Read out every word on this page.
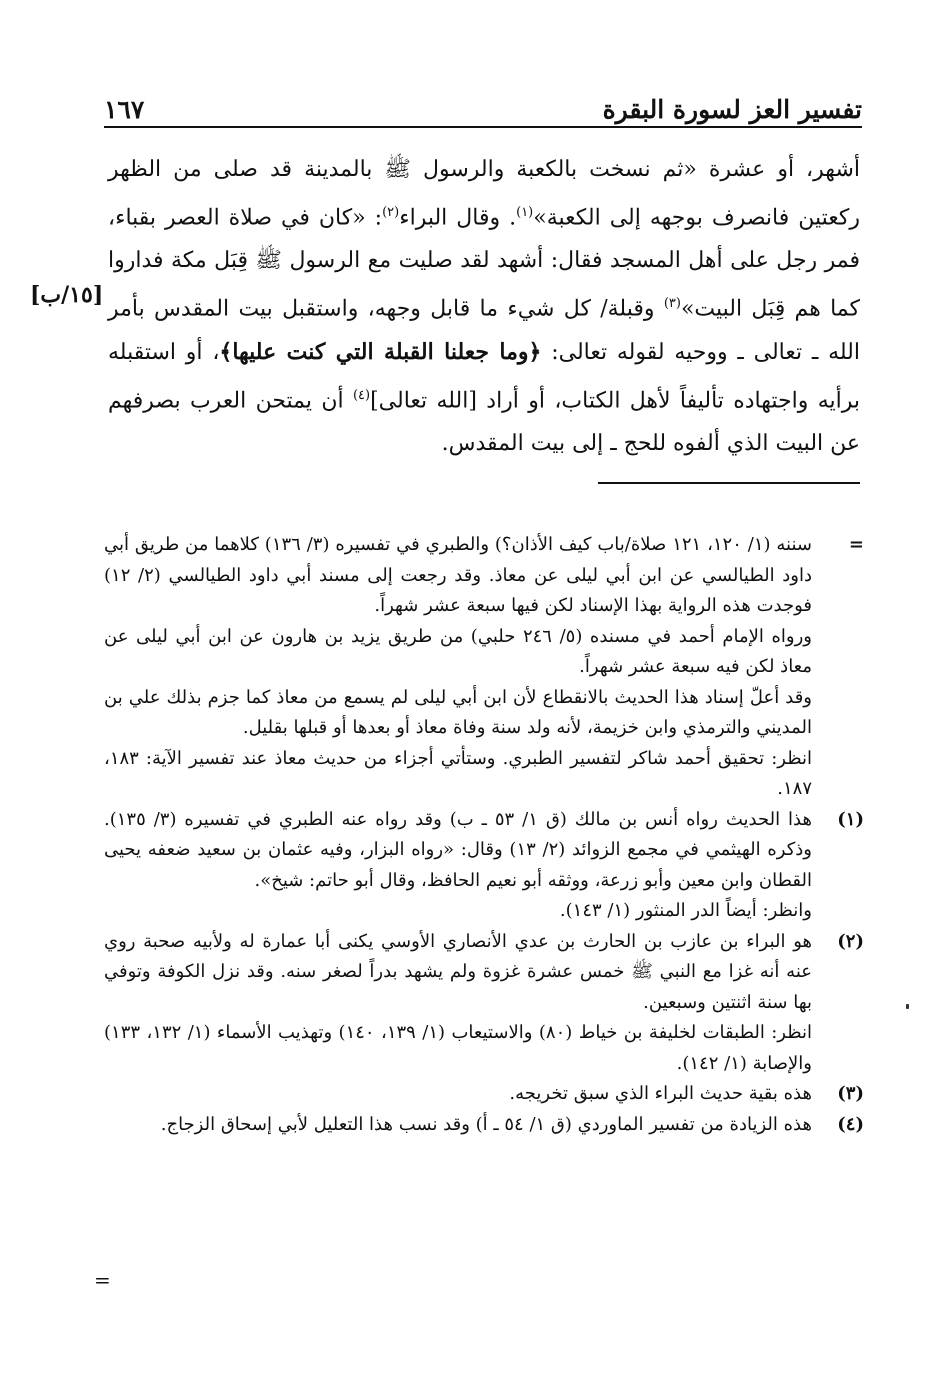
تفسير العز لسورة البقرة
١٦٧

أشهر، أو عشرة «ثم نسخت بالكعبة والرسول ﷺ بالمدينة قد صلى من الظهر ركعتين فانصرف بوجهه إلى الكعبة»$^{(١)}$. وقال البراء$^{(٢)}$: «كان في صلاة العصر بقباء، فمر رجل على أهل المسجد فقال: أشهد لقد صليت مع الرسول ﷺ قِبَل مكة فداروا كما هم قِبَل البيت»$^{(٣)}$ وقبلة/ كل شيء ما قابل وجهه، واستقبل بيت المقدس بأمر الله ـ تعالى ـ ووحيه لقوله تعالى: ﴿وما جعلنا القبلة التي كنت عليها﴾، أو استقبله برأيه واجتهاده تأليفاً لأهل الكتاب، أو أراد [الله تعالى]$^{(٤)}$ أن يمتحن العرب بصرفهم عن البيت الذي ألفوه للحج ـ إلى بيت المقدس.

[١٥/ب]
=

سننه (١/ ١٢٠، ١٢١ صلاة/باب كيف الأذان؟) والطبري في تفسيره (٣/ ١٣٦) كلاهما من طريق أبي داود الطيالسي عن ابن أبي ليلى عن معاذ. وقد رجعت إلى مسند أبي داود الطيالسي (٢/ ١٢) فوجدت هذه الرواية بهذا الإسناد لكن فيها سبعة عشر شهراً.

ورواه الإمام أحمد في مسنده (٥/ ٢٤٦ حلبي) من طريق يزيد بن هارون عن ابن أبي ليلى عن معاذ لكن فيه سبعة عشر شهراً.

وقد أعلّ إسناد هذا الحديث بالانقطاع لأن ابن أبي ليلى لم يسمع من معاذ كما جزم بذلك علي بن المديني والترمذي وابن خزيمة، لأنه ولد سنة وفاة معاذ أو بعدها أو قبلها بقليل.

انظر: تحقيق أحمد شاكر لتفسير الطبري. وستأتي أجزاء من حديث معاذ عند تفسير الآية: ١٨٣، ١٨٧.

(١)

هذا الحديث رواه أنس بن مالك (ق ١/ ٥٣ ـ ب) وقد رواه عنه الطبري في تفسيره (٣/ ١٣٥). وذكره الهيثمي في مجمع الزوائد (٢/ ١٣) وقال: «رواه البزار، وفيه عثمان بن سعيد ضعفه يحيى القطان وابن معين وأبو زرعة، ووثقه أبو نعيم الحافظ، وقال أبو حاتم: شيخ».

وانظر: أيضاً الدر المنثور (١/ ١٤٣).

(٢)

هو البراء بن عازب بن الحارث بن عدي الأنصاري الأوسي يكنى أبا عمارة له ولأبيه صحبة روي عنه أنه غزا مع النبي ﷺ خمس عشرة غزوة ولم يشهد بدراً لصغر سنه. وقد نزل الكوفة وتوفي بها سنة اثنتين وسبعين.

انظر: الطبقات لخليفة بن خياط (٨٠) والاستيعاب (١/ ١٣٩، ١٤٠) وتهذيب الأسماء (١/ ١٣٢، ١٣٣) والإصابة (١/ ١٤٢).

(٣)

هذه بقية حديث البراء الذي سبق تخريجه.

(٤)

هذه الزيادة من تفسير الماوردي (ق ١/ ٥٤ ـ أ) وقد نسب هذا التعليل لأبي إسحاق الزجاج.

=
